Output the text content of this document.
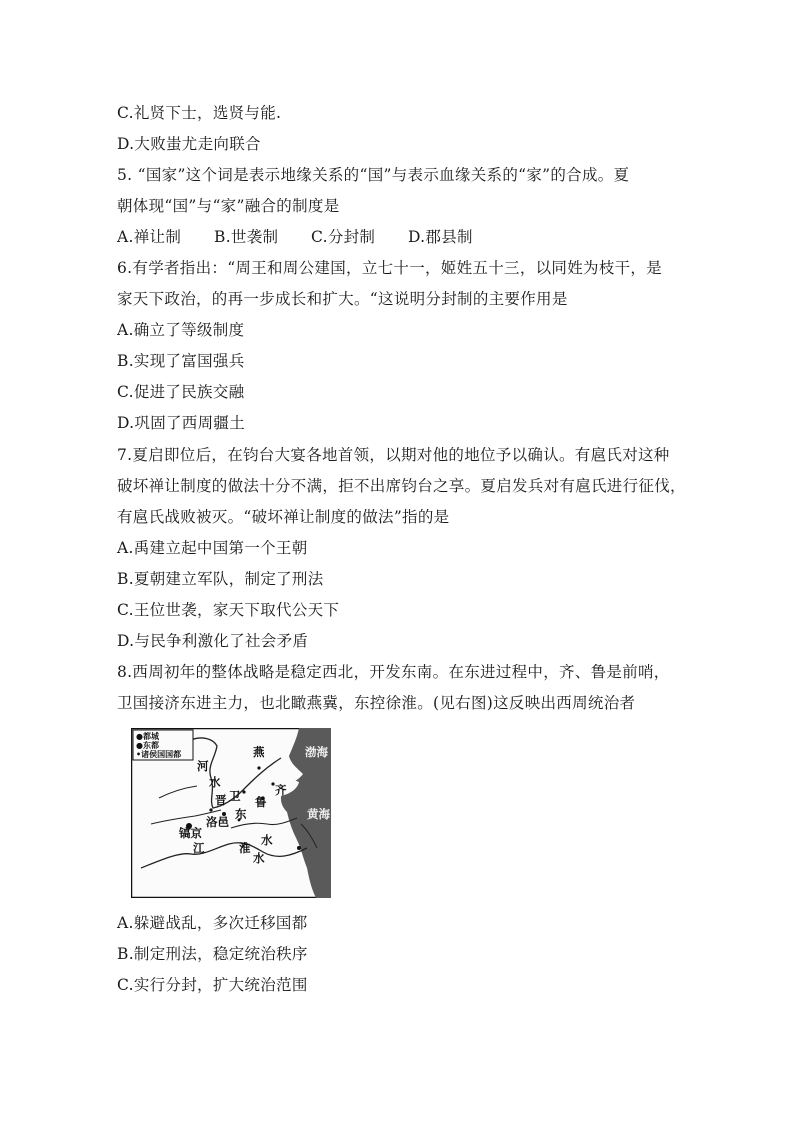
C.礼贤下士，选贤与能.
D.大败蚩尤走向联合
5. “国家”这个词是表示地缘关系的“国”与表示血缘关系的“家”的合成。夏
朝体现“国”与“家”融合的制度是
A.禅让制 B.世袭制 C.分封制 D.郡县制
6.有学者指出：“周王和周公建国，立七十一，姬姓五十三，以同姓为枝干，是
家天下政治，的再一步成长和扩大。“这说明分封制的主要作用是
A.确立了等级制度
B.实现了富国强兵
C.促进了民族交融
D.巩固了西周疆土
7.夏启即位后，在钧台大宴各地首领，以期对他的地位予以确认。有扈氏对这种
破坏禅让制度的做法十分不满，拒不出席钧台之享。夏启发兵对有扈氏进行征伐，
有扈氏战败被灭。“破坏禅让制度的做法”指的是
A.禹建立起中国第一个王朝
B.夏朝建立军队，制定了刑法
C.王位世袭，家天下取代公天下
D.与民争利激化了社会矛盾
8.西周初年的整体战略是稳定西北，开发东南。在东进过程中，齐、鲁是前哨，
卫国接济东进主力，也北瞰燕冀，东控徐淮。(见右图)这反映出西周统治者
●都城
●东都
•诸侯国国都	燕	渤海
河
水
晋 卫	齐
鲁
黄海
东
洛邑
镐京
江	淮
水
水
A.躲避战乱，多次迁移国都
B.制定刑法，稳定统治秩序
C.实行分封，扩大统治范围
